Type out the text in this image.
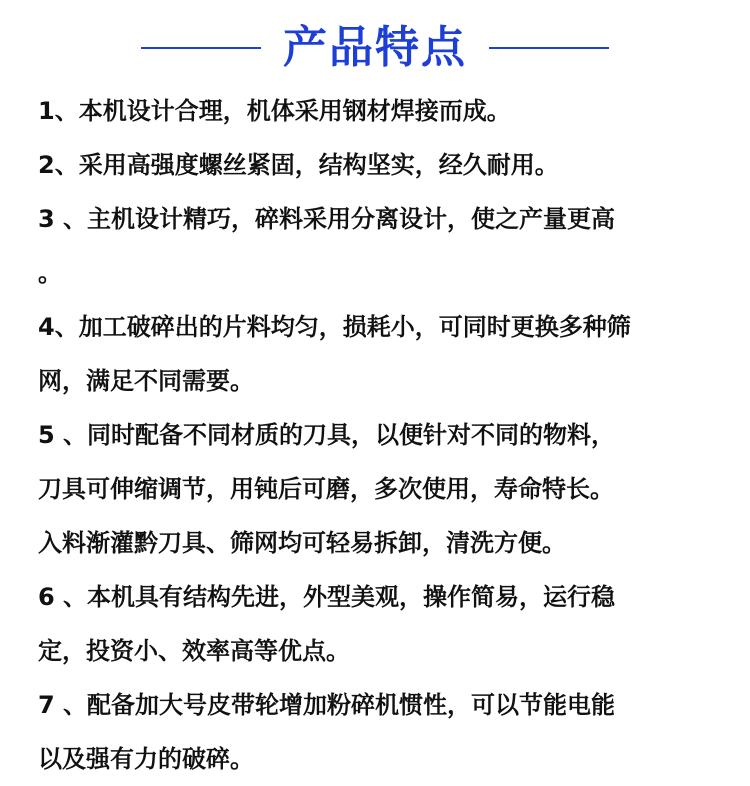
产品特点
1、本机设计合理，机体采用钢材焊接而成。
2、采用高强度螺丝紧固，结构坚实，经久耐用。
3 、主机设计精巧，碎料采用分离设计，使之产量更高
。
4、加工破碎出的片料均匀，损耗小，可同时更换多种筛
网，满足不同需要。
5 、同时配备不同材质的刀具，以便针对不同的物料，
刀具可伸缩调节，用钝后可磨，多次使用，寿命特长。
入料渐灌黔刀具、筛网均可轻易拆卸，清洗方便。
6 、本机具有结构先进，外型美观，操作简易，运行稳
定，投资小、效率高等优点。
7 、配备加大号皮带轮增加粉碎机惯性，可以节能电能
以及强有力的破碎。
